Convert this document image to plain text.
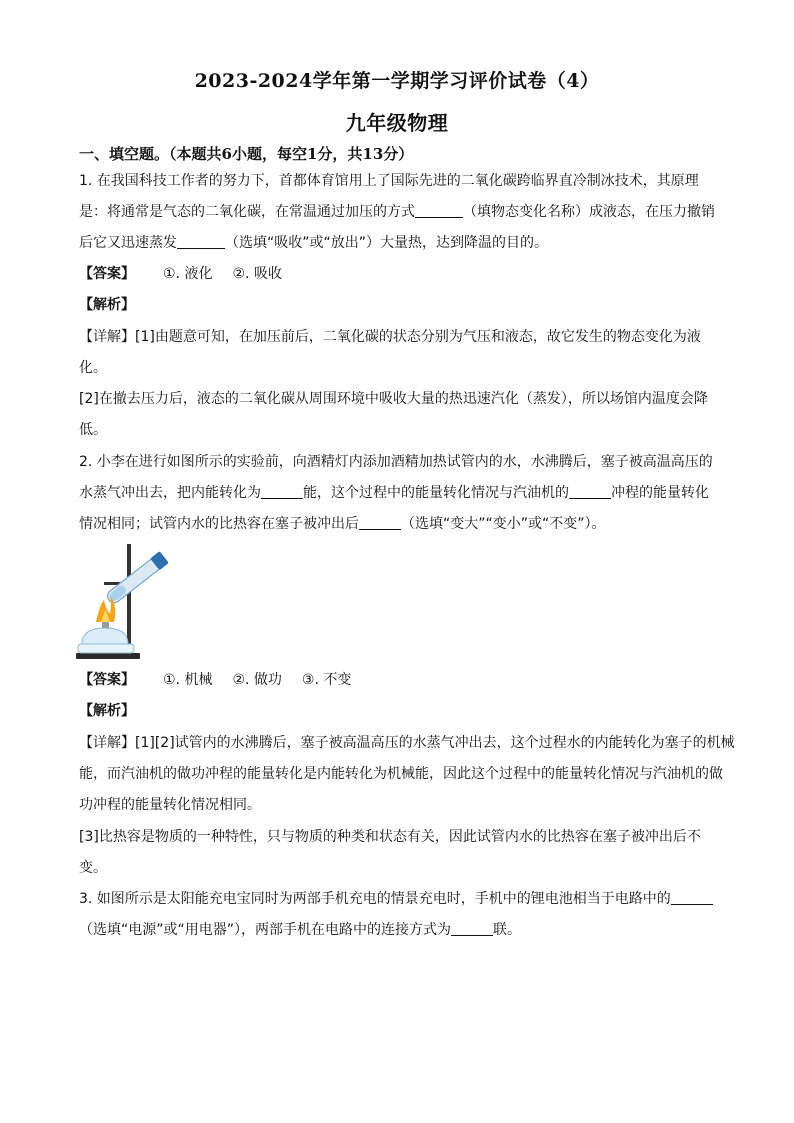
2023-2024学年第一学期学习评价试卷（4）
九年级物理
一、填空题。（本题共6小题，每空1分，共13分）
1. 在我国科技工作者的努力下，首都体育馆用上了国际先进的二氧化碳跨临界直冷制冰技术，其原理
是：将通常是气态的二氧化碳，在常温通过加压的方式	（填物态变化名称）成液态，在压力撤销
后它又迅速蒸发	（选填“吸收”或“放出”）大量热，达到降温的目的。
【答案】 ①. 液化 ②. 吸收
【解析】
【详解】[1]由题意可知，在加压前后，二氧化碳的状态分别为气压和液态，故它发生的物态变化为液
化。
[2]在撤去压力后，液态的二氧化碳从周围环境中吸收大量的热迅速汽化（蒸发），所以场馆内温度会降
低。
2. 小李在进行如图所示的实验前，向酒精灯内添加酒精加热试管内的水，水沸腾后，塞子被高温高压的
水蒸气冲出去，把内能转化为	能，这个过程中的能量转化情况与汽油机的	冲程的能量转化
情况相同；试管内水的比热容在塞子被冲出后	（选填“变大”“变小”或“不变”）。
【答案】 ①. 机械 ②. 做功 ③. 不变
【解析】
【详解】[1][2]试管内的水沸腾后，塞子被高温高压的水蒸气冲出去，这个过程水的内能转化为塞子的机械
能，而汽油机的做功冲程的能量转化是内能转化为机械能，因此这个过程中的能量转化情况与汽油机的做
功冲程的能量转化情况相同。
[3]比热容是物质的一种特性，只与物质的种类和状态有关，因此试管内水的比热容在塞子被冲出后不
变。
3. 如图所示是太阳能充电宝同时为两部手机充电的情景充电时，手机中的锂电池相当于电路中的
（选填“电源”或“用电器”），两部手机在电路中的连接方式为	联。
